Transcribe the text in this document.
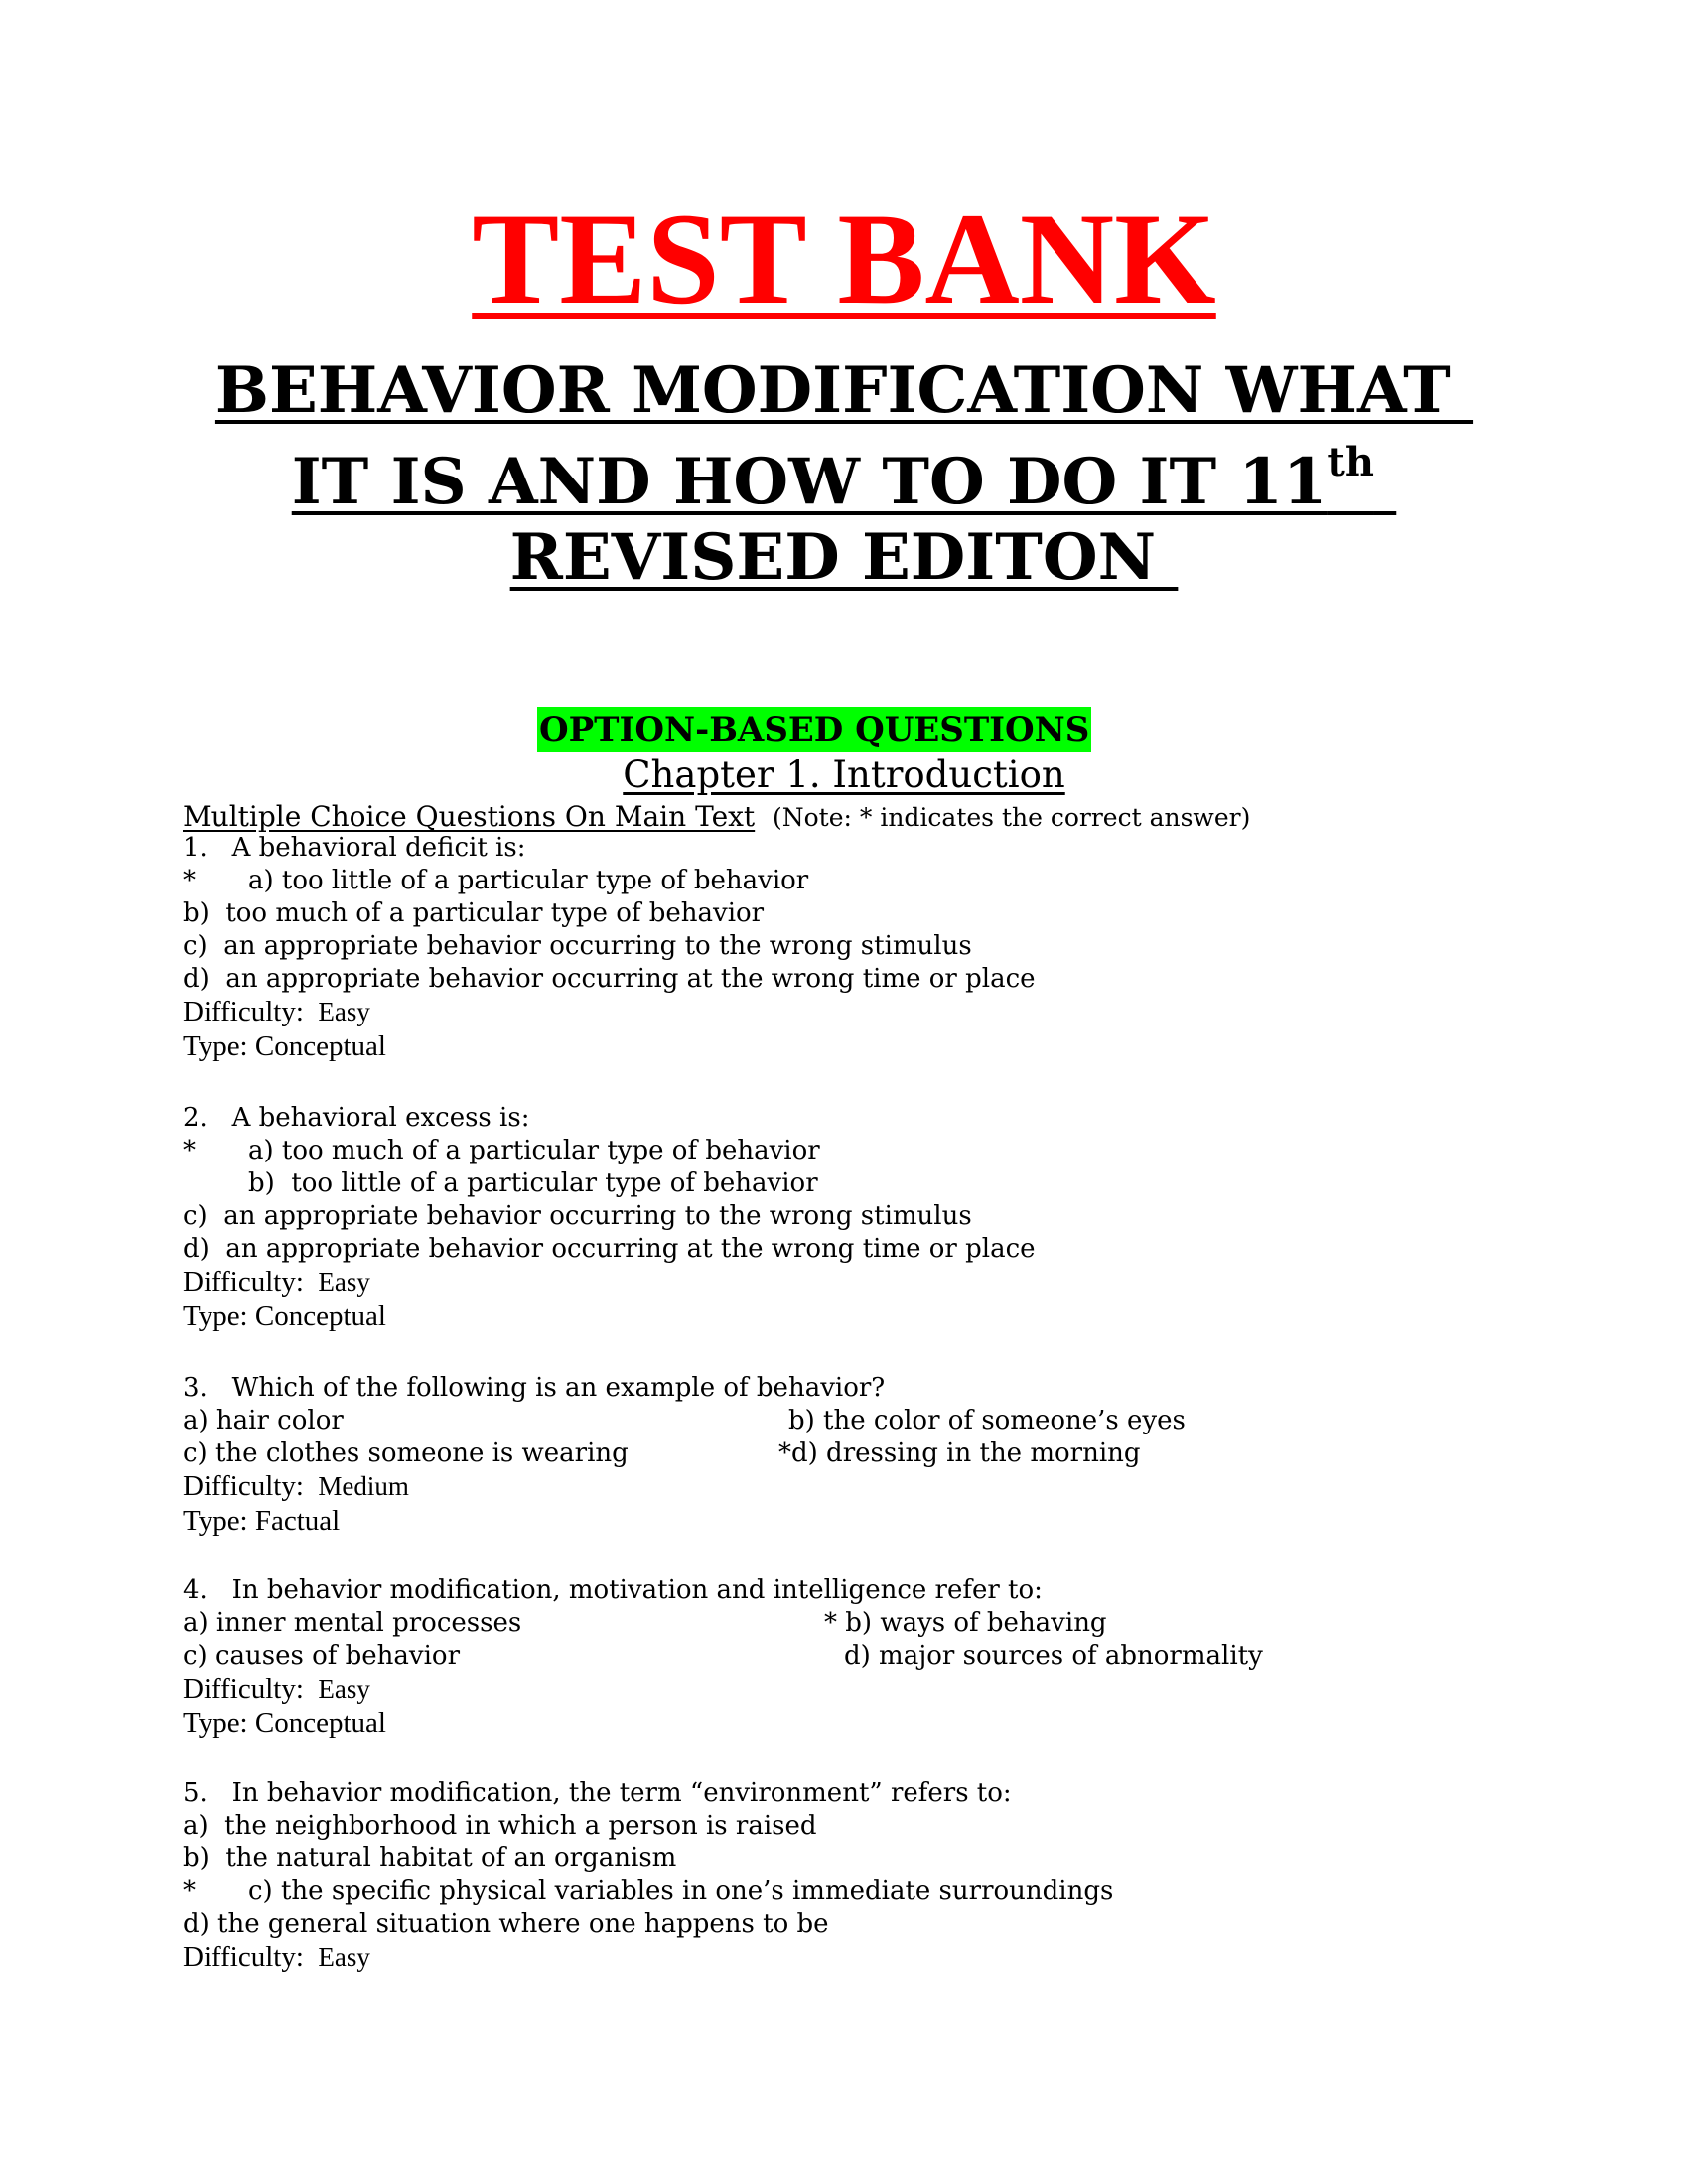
TEST BANK
BEHAVIOR MODIFICATION WHAT
IT IS AND HOW TO DO IT 11th
REVISED EDITON
OPTION-BASED QUESTIONS
Chapter 1. Introduction
Multiple Choice Questions On Main Text (Note: * indicates the correct answer)
1.   A behavioral deficit is:
* a) too little of a particular type of behavior
b)  too much of a particular type of behavior
c)  an appropriate behavior occurring to the wrong stimulus
d)  an appropriate behavior occurring at the wrong time or place
Difficulty: Easy
Type: Conceptual
2.   A behavioral excess is:
* a) too much of a particular type of behavior
b)  too little of a particular type of behavior
c)  an appropriate behavior occurring to the wrong stimulus
d)  an appropriate behavior occurring at the wrong time or place
Difficulty: Easy
Type: Conceptual
3.   Which of the following is an example of behavior?
a) hair color	b) the color of someone’s eyes
c) the clothes someone is wearing	*d) dressing in the morning
Difficulty: Medium
Type: Factual
4.   In behavior modification, motivation and intelligence refer to:
a) inner mental processes	* b) ways of behaving
c) causes of behavior	d) major sources of abnormality
Difficulty: Easy
Type: Conceptual
5.   In behavior modification, the term “environment” refers to:
a)  the neighborhood in which a person is raised
b)  the natural habitat of an organism
* c) the specific physical variables in one’s immediate surroundings
d) the general situation where one happens to be
Difficulty: Easy
